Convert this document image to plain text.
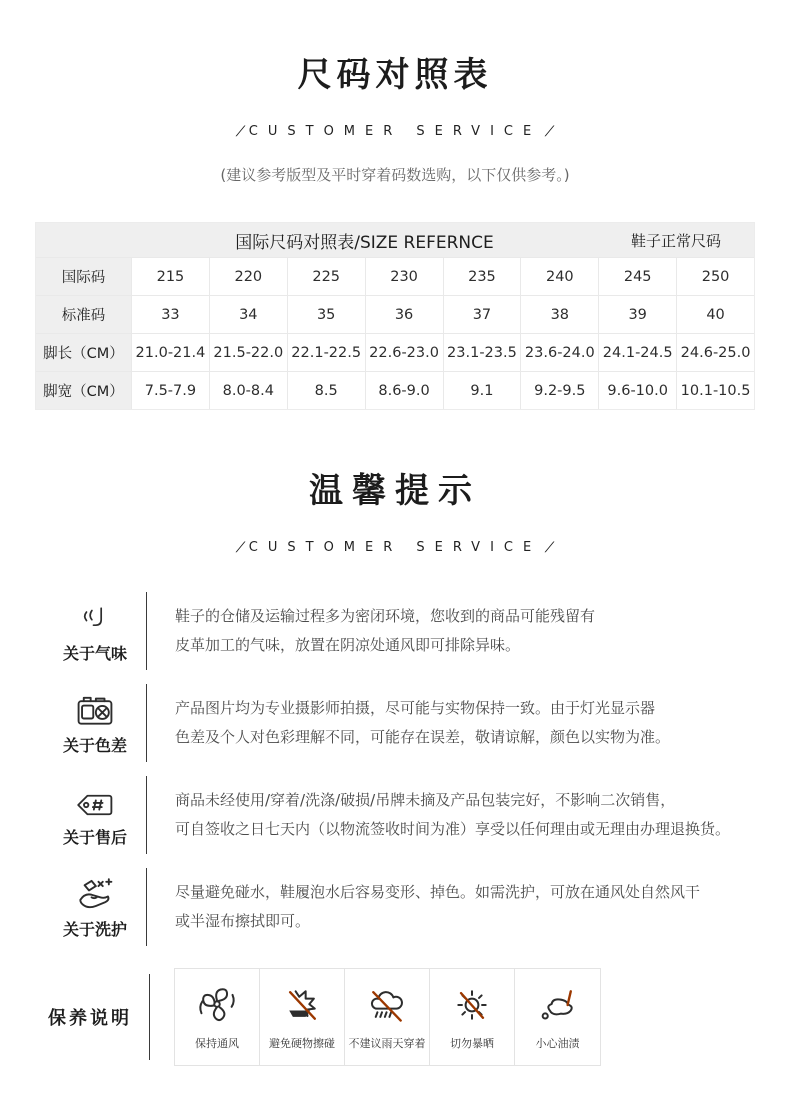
尺码对照表
/ CUSTOMER SERVICE /

(建议参考版型及平时穿着码数选购，以下仅供参考。)

国际尺码对照表/SIZE REFERNCE	鞋子正常尺码
国际码	215	220	225	230	235	240	245	250
标准码	33	34	35	36	37	38	39	40
脚长（CM） 21.0-21.4 21.5-22.0 22.1-22.5 22.6-23.0 23.1-23.5 23.6-24.0 24.1-24.5 24.6-25.0
脚宽（CM）	7.5-7.9	8.0-8.4	8.5	8.6-9.0	9.1	9.2-9.5	9.6-10.0 10.1-10.5
温馨提示
/ CUSTOMER SERVICE /
关于气味
鞋子的仓储及运输过程多为密闭环境，您收到的商品可能残留有
皮革加工的气味，放置在阴凉处通风即可排除异味。
关于色差
产品图片均为专业摄影师拍摄，尽可能与实物保持一致。由于灯光显示器
色差及个人对色彩理解不同，可能存在误差，敬请谅解，颜色以实物为准。
关于售后
商品未经使用/穿着/洗涤/破损/吊牌未摘及产品包装完好，不影响二次销售，
可自签收之日七天内（以物流签收时间为准）享受以任何理由或无理由办理退换货。
关于洗护
尽量避免碰水，鞋履泡水后容易变形、掉色。如需洗护，可放在通风处自然风干
或半湿布擦拭即可。
保养说明
保持通风	避免硬物擦碰 不建议雨天穿着 切勿暴晒	小心油渍
